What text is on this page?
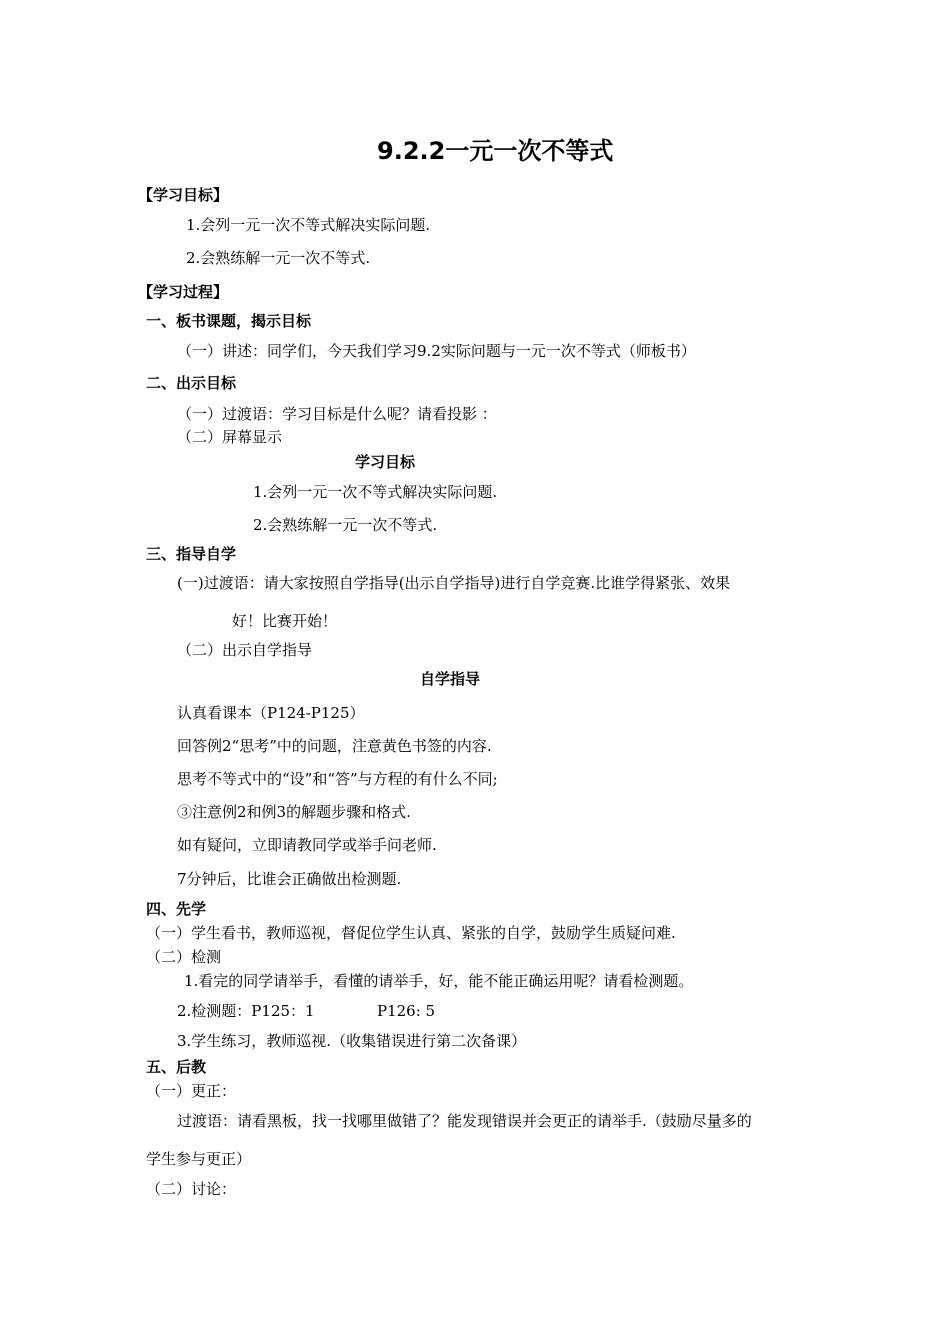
9.2.2一元一次不等式
【学习目标】
1.会列一元一次不等式解决实际问题.
2.会熟练解一元一次不等式.
【学习过程】
一、板书课题，揭示目标
（一）讲述：同学们，今天我们学习9.2实际问题与一元一次不等式（师板书）
二、出示目标
（一）过渡语：学习目标是什么呢？请看投影 ：
（二）屏幕显示
学习目标
1.会列一元一次不等式解决实际问题.
2.会熟练解一元一次不等式.
三、指导自学
(一)过渡语：请大家按照自学指导(出示自学指导)进行自学竞赛.比谁学得紧张、效果
好！比赛开始！
（二）出示自学指导
自学指导
认真看课本（P124-P125）
回答例2“思考”中的问题，注意黄色书签的内容.
思考不等式中的“设”和“答”与方程的有什么不同;
③注意例2和例3的解题步骤和格式.
如有疑问，立即请教同学或举手问老师.
7分钟后，比谁会正确做出检测题.
四、先学
（一）学生看书，教师巡视，督促位学生认真、紧张的自学，鼓励学生质疑问难.
（二）检测
1.看完的同学请举手，看懂的请举手，好，能不能正确运用呢？请看检测题。
2.检测题：P125：1	P126: 5
3.学生练习，教师巡视.（收集错误进行第二次备课）
五、后教
（一）更正：
过渡语：请看黑板，找一找哪里做错了？能发现错误并会更正的请举手.（鼓励尽量多的
学生参与更正）
（二）讨论：
